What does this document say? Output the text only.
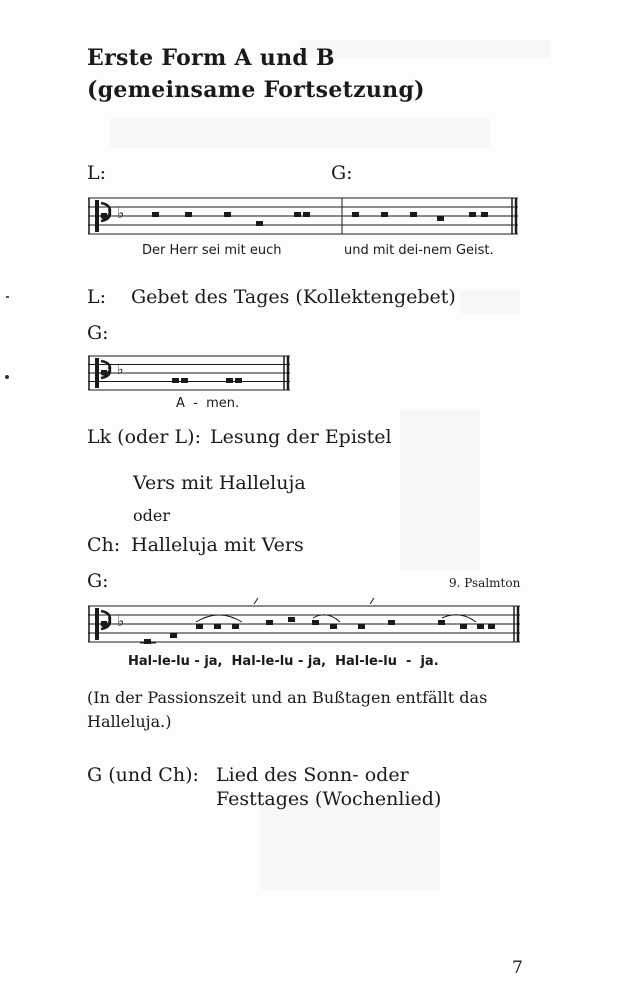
Erste Form A und B
(gemeinsame Fortsetzung)
L:	G:
♭
Der Herr sei mit euch	und mit dei-nem Geist.
L: Gebet des Tages (Kollektengebet)
G:
♭
A  -  men.
Lk (oder L): Lesung der Epistel
Vers mit Halleluja
oder
Ch: Halleluja mit Vers
G:	9. Psalmton
♭
Hal-le-lu - ja,  Hal-le-lu - ja,  Hal-le-lu  -  ja.
(In der Passionszeit und an Bußtagen entfällt das
Halleluja.)
G (und Ch): Lied des Sonn- oder
Festtages (Wochenlied)
7
